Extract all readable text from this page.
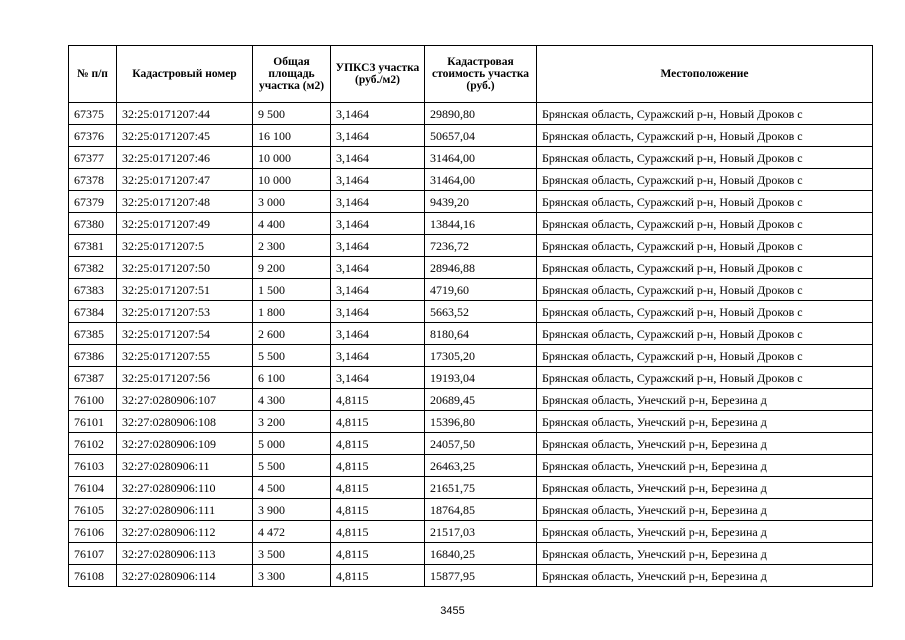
№ п/п	Кадастровый номер	Общая площадь участка (м2)	УПКСЗ участка (руб./м2)	Кадастровая стоимость участка (руб.)	Местоположение
67375	32:25:0171207:44	9 500	3,1464	29890,80	Брянская область, Суражский р-н, Новый Дроков с
67376	32:25:0171207:45	16 100	3,1464	50657,04	Брянская область, Суражский р-н, Новый Дроков с
67377	32:25:0171207:46	10 000	3,1464	31464,00	Брянская область, Суражский р-н, Новый Дроков с
67378	32:25:0171207:47	10 000	3,1464	31464,00	Брянская область, Суражский р-н, Новый Дроков с
67379	32:25:0171207:48	3 000	3,1464	9439,20	Брянская область, Суражский р-н, Новый Дроков с
67380	32:25:0171207:49	4 400	3,1464	13844,16	Брянская область, Суражский р-н, Новый Дроков с
67381	32:25:0171207:5	2 300	3,1464	7236,72	Брянская область, Суражский р-н, Новый Дроков с
67382	32:25:0171207:50	9 200	3,1464	28946,88	Брянская область, Суражский р-н, Новый Дроков с
67383	32:25:0171207:51	1 500	3,1464	4719,60	Брянская область, Суражский р-н, Новый Дроков с
67384	32:25:0171207:53	1 800	3,1464	5663,52	Брянская область, Суражский р-н, Новый Дроков с
67385	32:25:0171207:54	2 600	3,1464	8180,64	Брянская область, Суражский р-н, Новый Дроков с
67386	32:25:0171207:55	5 500	3,1464	17305,20	Брянская область, Суражский р-н, Новый Дроков с
67387	32:25:0171207:56	6 100	3,1464	19193,04	Брянская область, Суражский р-н, Новый Дроков с
76100	32:27:0280906:107	4 300	4,8115	20689,45	Брянская область, Унечский р-н, Березина д
76101	32:27:0280906:108	3 200	4,8115	15396,80	Брянская область, Унечский р-н, Березина д
76102	32:27:0280906:109	5 000	4,8115	24057,50	Брянская область, Унечский р-н, Березина д
76103	32:27:0280906:11	5 500	4,8115	26463,25	Брянская область, Унечский р-н, Березина д
76104	32:27:0280906:110	4 500	4,8115	21651,75	Брянская область, Унечский р-н, Березина д
76105	32:27:0280906:111	3 900	4,8115	18764,85	Брянская область, Унечский р-н, Березина д
76106	32:27:0280906:112	4 472	4,8115	21517,03	Брянская область, Унечский р-н, Березина д
76107	32:27:0280906:113	3 500	4,8115	16840,25	Брянская область, Унечский р-н, Березина д
76108	32:27:0280906:114	3 300	4,8115	15877,95	Брянская область, Унечский р-н, Березина д
3455
